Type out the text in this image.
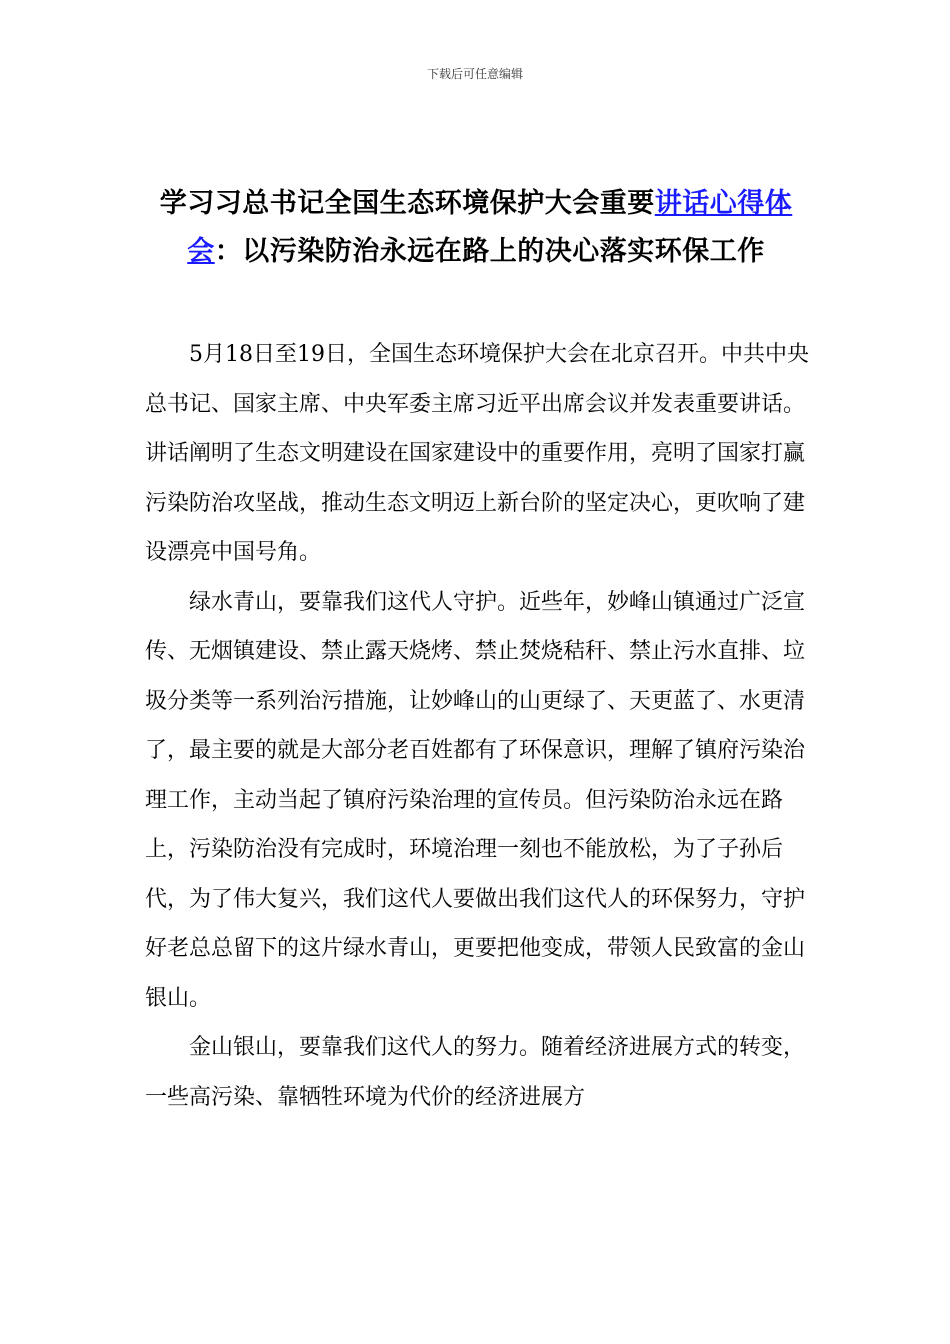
下载后可任意编辑
学习习总书记全国生态环境保护大会重要讲话心得体会：以污染防治永远在路上的决心落实环保工作

5月18日至19日，全国生态环境保护大会在北京召开。中共中央总书记、国家主席、中央军委主席习近平出席会议并发表重要讲话。讲话阐明了生态文明建设在国家建设中的重要作用，亮明了国家打赢污染防治攻坚战，推动生态文明迈上新台阶的坚定决心，更吹响了建设漂亮中国号角。

绿水青山，要靠我们这代人守护。近些年，妙峰山镇通过广泛宣传、无烟镇建设、禁止露天烧烤、禁止焚烧秸秆、禁止污水直排、垃圾分类等一系列治污措施，让妙峰山的山更绿了、天更蓝了、水更清了，最主要的就是大部分老百姓都有了环保意识，理解了镇府污染治理工作，主动当起了镇府污染治理的宣传员。但污染防治永远在路上，污染防治没有完成时，环境治理一刻也不能放松，为了子孙后代，为了伟大复兴，我们这代人要做出我们这代人的环保努力，守护好老总总留下的这片绿水青山，更要把他变成，带领人民致富的金山银山。

金山银山，要靠我们这代人的努力。随着经济进展方式的转变，一些高污染、靠牺牲环境为代价的经济进展方
